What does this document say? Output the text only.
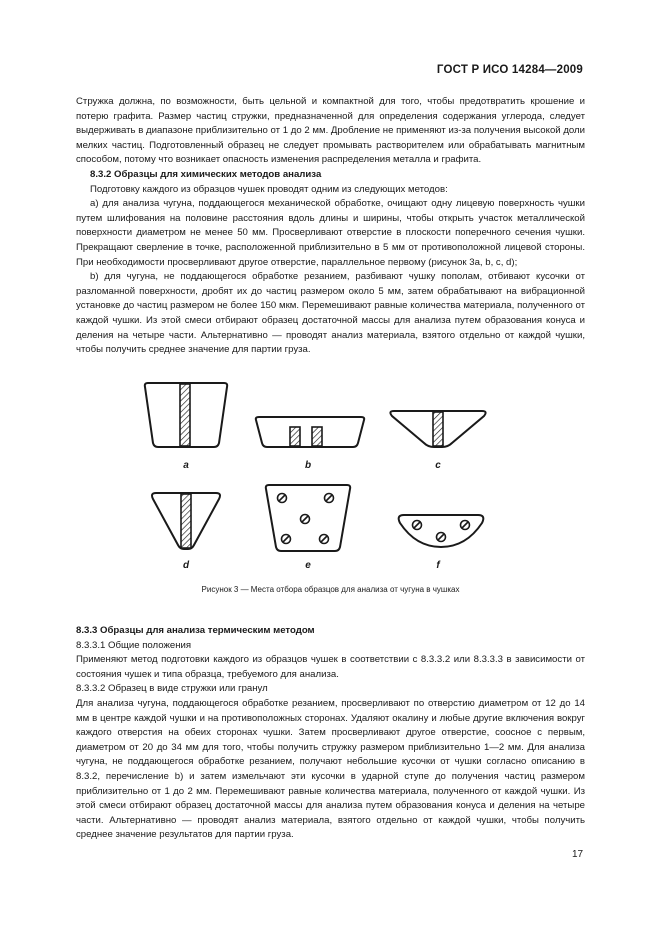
ГОСТ Р ИСО 14284—2009

Стружка должна, по возможности, быть цельной и компактной для того, чтобы предотвратить крошение и потерю графита. Размер частиц стружки, предназначенной для определения содержания углерода, следует выдерживать в диапазоне приблизительно от 1 до 2 мм. Дробление не применяют из-за получения высокой доли мелких частиц. Подготовленный образец не следует промывать растворителем или обрабатывать магнитным способом, потому что возникает опасность изменения распределения металла и графита.

8.3.2 Образцы для химических методов анализа

Подготовку каждого из образцов чушек проводят одним из следующих методов:

а) для анализа чугуна, поддающегося механической обработке, очищают одну лицевую поверхность чушки путем шлифования на половине расстояния вдоль длины и ширины, чтобы открыть участок металлической поверхности диаметром не менее 50 мм. Просверливают отверстие в плоскости поперечного сечения чушки. Прекращают сверление в точке, расположенной приблизительно в 5 мм от противоположной лицевой стороны. При необходимости просверливают другое отверстие, параллельное первому (рисунок 3а, b, c, d);

b) для чугуна, не поддающегося обработке резанием, разбивают чушку пополам, отбивают кусочки от разломанной поверхности, дробят их до частиц размером около 5 мм, затем обрабатывают на вибрационной установке до частиц размером не более 150 мкм. Перемешивают равные количества материала, полученного от каждой чушки. Из этой смеси отбирают образец достаточной массы для анализа путем образования конуса и деления на четыре части. Альтернативно — проводят анализ материала, взятого отдельно от каждой чушки, чтобы получить среднее значение для партии груза.

a	b	c
d	e	f
Рисунок 3 — Места отбора образцов для анализа от чугуна в чушках

8.3.3 Образцы для анализа термическим методом

8.3.3.1 Общие положения

Применяют метод подготовки каждого из образцов чушек в соответствии с 8.3.3.2 или 8.3.3.3 в зависимости от состояния чушек и типа образца, требуемого для анализа.

8.3.3.2 Образец в виде стружки или гранул

Для анализа чугуна, поддающегося обработке резанием, просверливают по отверстию диаметром от 12 до 14 мм в центре каждой чушки и на противоположных сторонах. Удаляют окалину и любые другие включения вокруг каждого отверстия на обеих сторонах чушки. Затем просверливают другое отверстие, соосное с первым, диаметром от 20 до 34 мм для того, чтобы получить стружку размером приблизительно 1—2 мм. Для анализа чугуна, не поддающегося обработке резанием, получают небольшие кусочки от чушки согласно описанию в 8.3.2, перечисление b) и затем измельчают эти кусочки в ударной ступе до получения частиц размером приблизительно от 1 до 2 мм. Перемешивают равные количества материала, полученного от каждой чушки. Из этой смеси отбирают образец достаточной массы для анализа путем образования конуса и деления на четыре части. Альтернативно — проводят анализ материала, взятого отдельно от каждой чушки, чтобы получить среднее значение результатов для партии груза.

17
